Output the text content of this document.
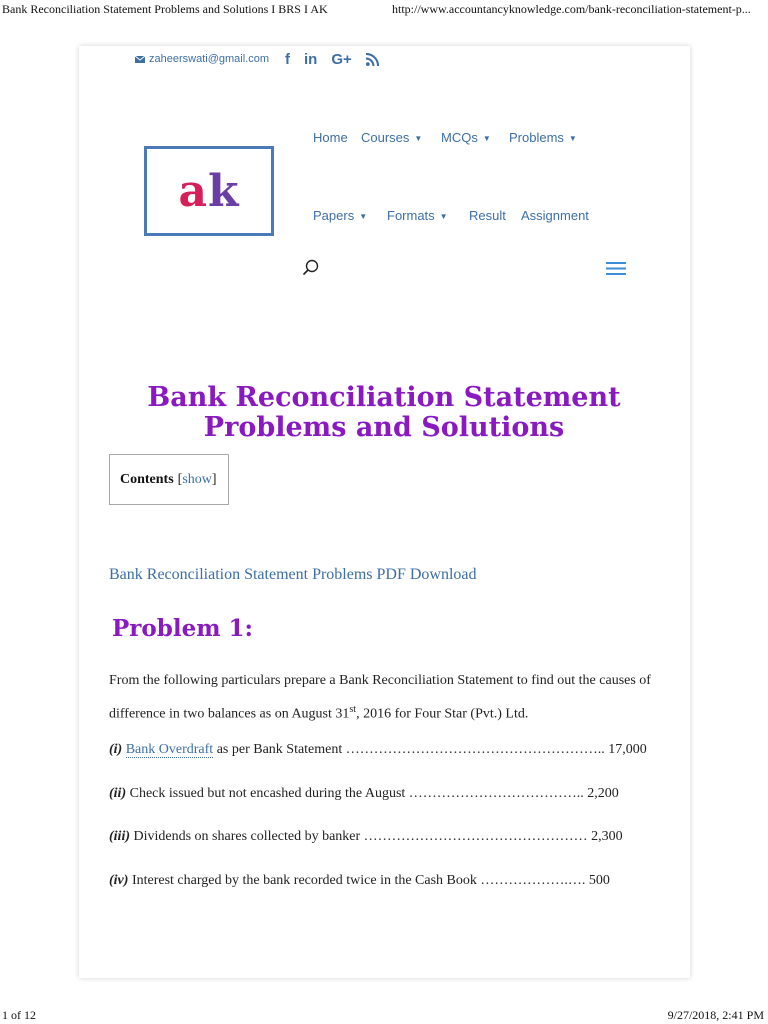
Bank Reconciliation Statement Problems and Solutions I BRS I AK	http://www.accountancyknowledge.com/bank-reconciliation-statement-p...
zaheerswati@gmail.com f in G+
a k
Home Courses ▼ MCQs ▼ Problems ▼
Papers ▼ Formats ▼ Result Assignment
Bank Reconciliation Statement
Problems and Solutions
Contents [ show ]
Bank Reconciliation Statement Problems PDF Download
Problem 1:

From the following particulars prepare a Bank Reconciliation Statement to find out the causes of difference in two balances as on August 31st, 2016 for Four Star (Pvt.) Ltd.

(i) Bank Overdraft as per Bank Statement ……………………………………………….. 17,000
(ii) Check issued but not encashed during the August ……………………………….. 2,200
(iii) Dividends on shares collected by banker ………………………………………… 2,300
(iv) Interest charged by the bank recorded twice in the Cash Book ……………….…. 500
1 of 12	9/27/2018, 2:41 PM
